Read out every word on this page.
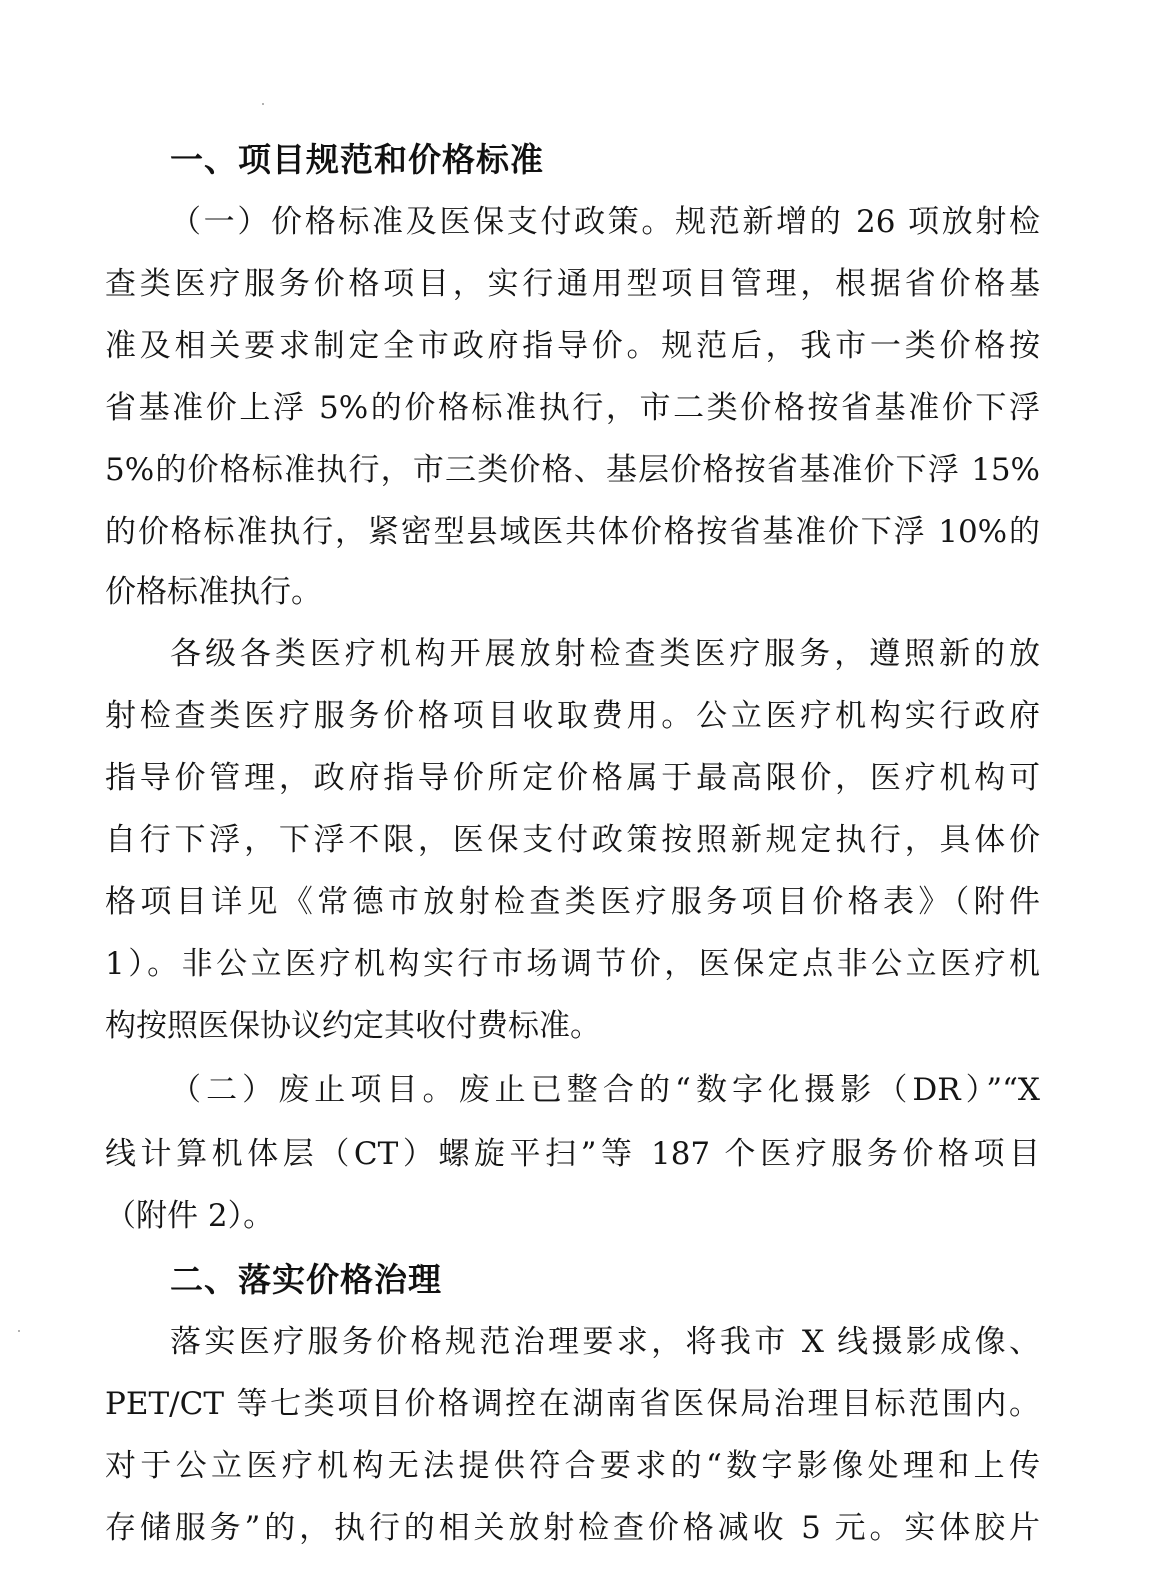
一、项目规范和价格标准
（一）价格标准及医保支付政策。规范新增的 26 项放射检
查类医疗服务价格项目，实行通用型项目管理，根据省价格基
准及相关要求制定全市政府指导价。规范后，我市一类价格按
省基准价上浮 5%的价格标准执行，市二类价格按省基准价下浮
5%的价格标准执行，市三类价格、基层价格按省基准价下浮 15%
的价格标准执行，紧密型县域医共体价格按省基准价下浮 10%的
价格标准执行。
各级各类医疗机构开展放射检查类医疗服务，遵照新的放
射检查类医疗服务价格项目收取费用。公立医疗机构实行政府
指导价管理，政府指导价所定价格属于最高限价，医疗机构可
自行下浮，下浮不限，医保支付政策按照新规定执行，具体价
格项目详见《常德市放射检查类医疗服务项目价格表》（附件
1）。非公立医疗机构实行市场调节价，医保定点非公立医疗机
构按照医保协议约定其收付费标准。
（二）废止项目。废止已整合的“数字化摄影（DR）”“X
线计算机体层（CT）螺旋平扫”等 187 个医疗服务价格项目
（附件 2）。
二、落实价格治理
落实医疗服务价格规范治理要求，将我市 X 线摄影成像、
PET/CT 等七类项目价格调控在湖南省医保局治理目标范围内。
对于公立医疗机构无法提供符合要求的“数字影像处理和上传
存储服务”的，执行的相关放射检查价格减收 5 元。实体胶片
